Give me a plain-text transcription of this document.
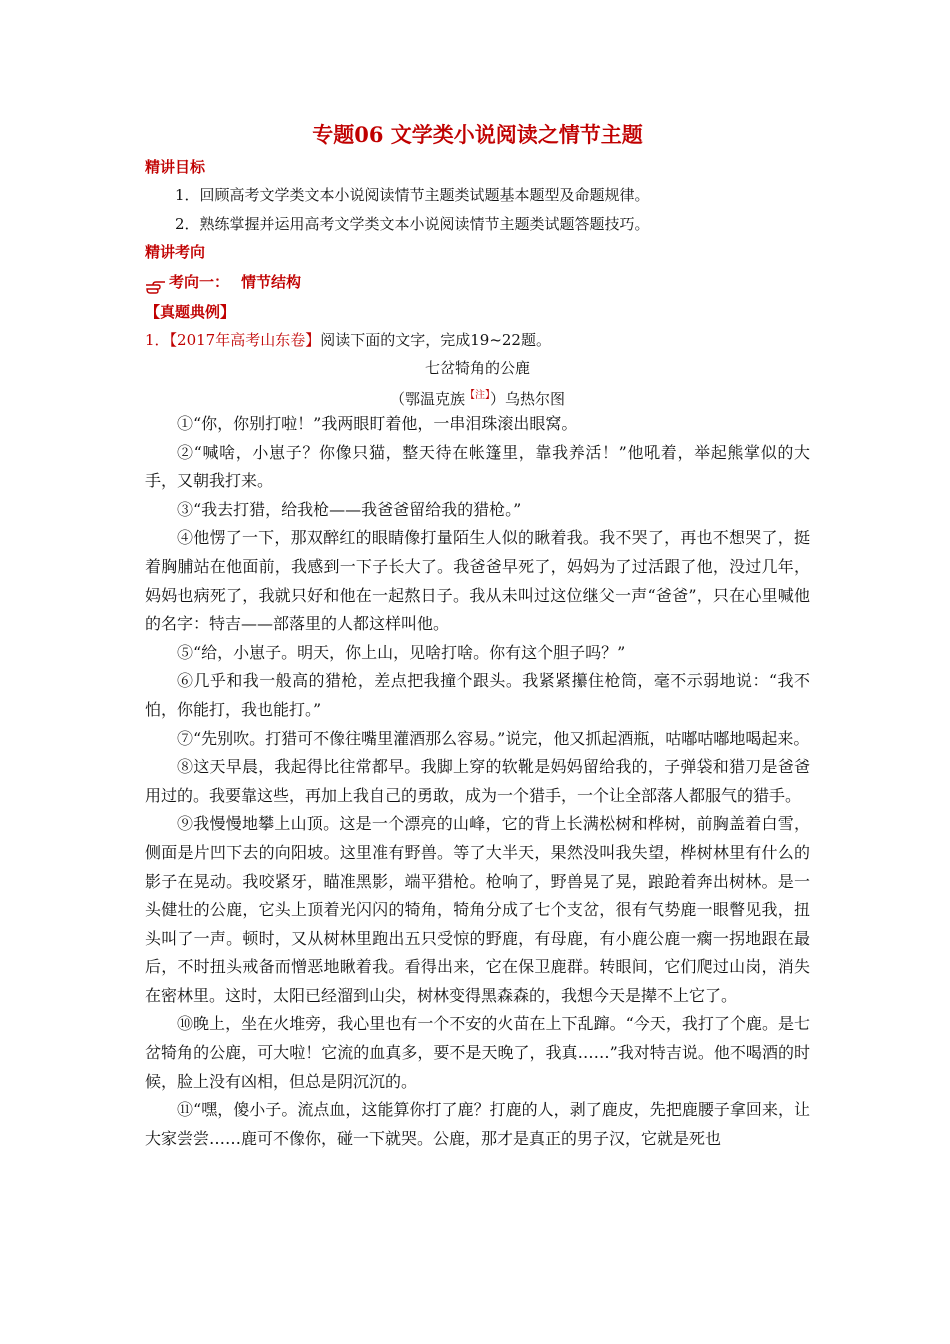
专题06 文学类小说阅读之情节主题
精讲目标
1．回顾高考文学类文本小说阅读情节主题类试题基本题型及命题规律。
2．熟练掌握并运用高考文学类文本小说阅读情节主题类试题答题技巧。
精讲考向
考向一： 情节结构
【真题典例】
1．【2017年高考山东卷】阅读下面的文字，完成19~22题。
七岔犄角的公鹿
（鄂温克族$^{【注】}$）乌热尔图

①“你，你别打啦！”我两眼盯着他，一串泪珠滚出眼窝。

②“喊啥，小崽子？你像只猫，整天待在帐篷里，靠我养活！”他吼着，举起熊掌似的大手，又朝我打来。

③“我去打猎，给我枪——我爸爸留给我的猎枪。”

④他愣了一下，那双醉红的眼睛像打量陌生人似的瞅着我。我不哭了，再也不想哭了，挺着胸脯站在他面前，我感到一下子长大了。我爸爸早死了，妈妈为了过活跟了他，没过几年，妈妈也病死了，我就只好和他在一起熬日子。我从未叫过这位继父一声“爸爸”，只在心里喊他的名字：特吉——部落里的人都这样叫他。

⑤“给，小崽子。明天，你上山，见啥打啥。你有这个胆子吗？”

⑥几乎和我一般高的猎枪，差点把我撞个跟头。我紧紧攥住枪筒，毫不示弱地说：“我不怕，你能打，我也能打。”

⑦“先别吹。打猎可不像往嘴里灌酒那么容易。”说完，他又抓起酒瓶，咕嘟咕嘟地喝起来。

⑧这天早晨，我起得比往常都早。我脚上穿的软靴是妈妈留给我的，子弹袋和猎刀是爸爸用过的。我要靠这些，再加上我自己的勇敢，成为一个猎手，一个让全部落人都服气的猎手。

⑨我慢慢地攀上山顶。这是一个漂亮的山峰，它的背上长满松树和桦树，前胸盖着白雪，侧面是片凹下去的向阳坡。这里准有野兽。等了大半天，果然没叫我失望，桦树林里有什么的影子在晃动。我咬紧牙，瞄准黑影，端平猎枪。枪响了，野兽晃了晃，踉跄着奔出树林。是一头健壮的公鹿，它头上顶着光闪闪的犄角，犄角分成了七个支岔，很有气势鹿一眼瞥见我，扭头叫了一声。顿时，又从树林里跑出五只受惊的野鹿，有母鹿，有小鹿公鹿一瘸一拐地跟在最后，不时扭头戒备而憎恶地瞅着我。看得出来，它在保卫鹿群。转眼间，它们爬过山岗，消失在密林里。这时，太阳已经溜到山尖，树林变得黑森森的，我想今天是撵不上它了。

⑩晚上，坐在火堆旁，我心里也有一个不安的火苗在上下乱蹿。“今天，我打了个鹿。是七岔犄角的公鹿，可大啦！它流的血真多，要不是天晚了，我真……”我对特吉说。他不喝酒的时候，脸上没有凶相，但总是阴沉沉的。

⑪“嘿，傻小子。流点血，这能算你打了鹿？打鹿的人，剥了鹿皮，先把鹿腰子拿回来，让大家尝尝……鹿可不像你，碰一下就哭。公鹿，那才是真正的男子汉，它就是死也
